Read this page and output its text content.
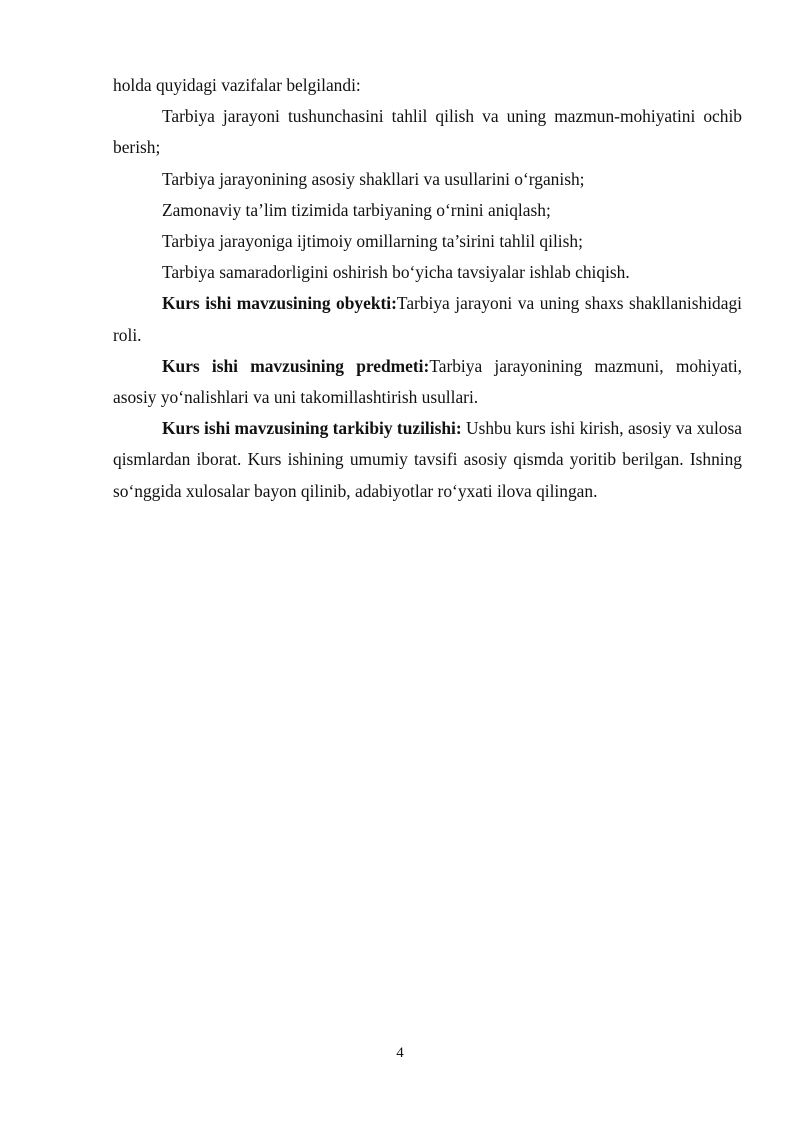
holda quyidagi vazifalar belgilandi:

Tarbiya jarayoni tushunchasini tahlil qilish va uning mazmun-mohiyatini ochib berish;

Tarbiya jarayonining asosiy shakllari va usullarini o‘rganish;

Zamonaviy ta’lim tizimida tarbiyaning o‘rnini aniqlash;

Tarbiya jarayoniga ijtimoiy omillarning ta’sirini tahlil qilish;

Tarbiya samaradorligini oshirish bo‘yicha tavsiyalar ishlab chiqish.

Kurs ishi mavzusining obyekti:Tarbiya jarayoni va uning shaxs shakllanishidagi roli.

Kurs ishi mavzusining predmeti:Tarbiya jarayonining mazmuni, mohiyati, asosiy yo‘nalishlari va uni takomillashtirish usullari.

Kurs ishi mavzusining tarkibiy tuzilishi: Ushbu kurs ishi kirish, asosiy va xulosa qismlardan iborat. Kurs ishining umumiy tavsifi asosiy qismda yoritib berilgan. Ishning so‘nggida xulosalar bayon qilinib, adabiyotlar ro‘yxati ilova qilingan.

4
